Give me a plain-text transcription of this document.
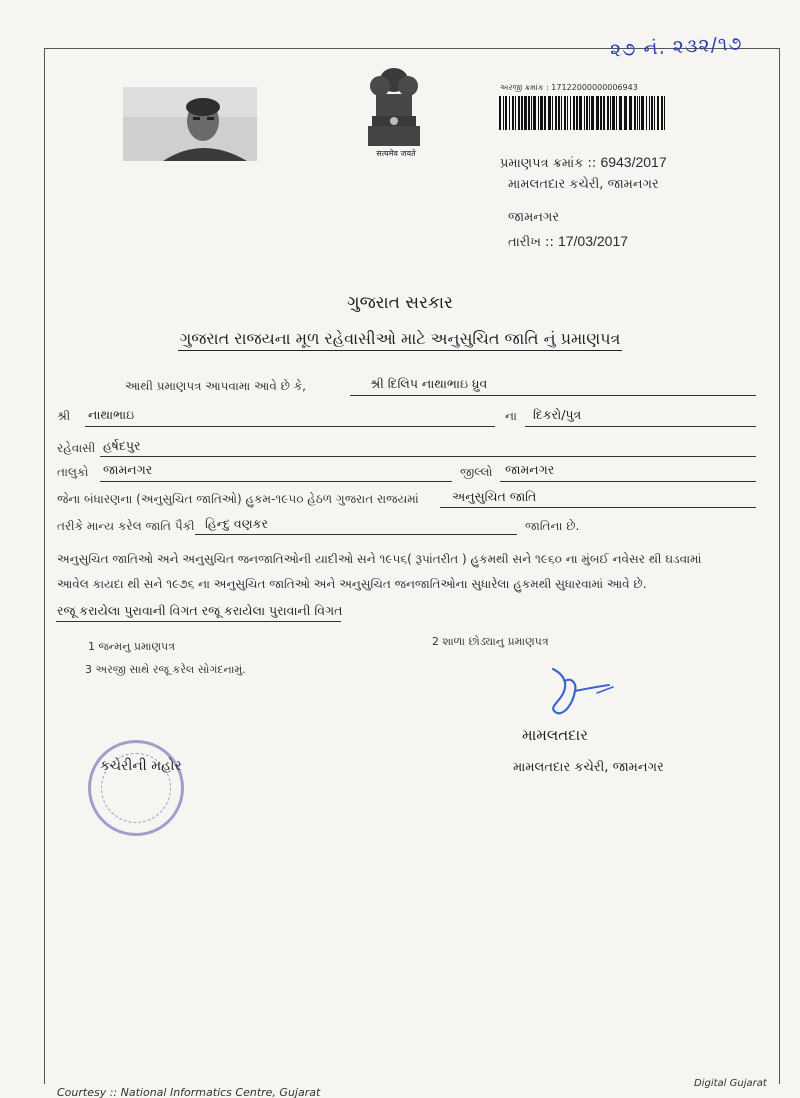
૨૭ નં. ૨૩૨/૧૭
सत्यमेव जयते
અરજી ક્રમાંક : 17122000000006943
પ્રમાણપત્ર ક્રમાંક :: 6943/2017
મામલતદાર કચેરી, જામનગર
જામનગર
તારીખ :: 17/03/2017
ગુજરાત સરકાર
ગુજરાત રાજયના મૂળ રહેવાસીઓ માટે અનુસુચિત જાતિ નું પ્રમાણપત્ર
આથી પ્રમાણપત્ર આપવામા આવે છે કે,	શ્રી દિલિપ નાથાભાઇ ધ્રુવ
શ્રી નાથાભાઇ	ના દિકરો/પુત્ર
રહેવાસી હર્ષદપુર
તાલુકો જામનગર	જીલ્લો જામનગર
જેના બંધારણના (અનુસુચિત જાતિઓ) હુકમ-૧૯૫૦ હેઠળ ગુજરાત રાજયમાં	અનુસુચિત જાતિ
તરીકે માન્ય કરેલ જાતિ પૈકી હિન્દુ વણકર	જાતિના છે.
અનુસુચિત જાતિઓ અને અનુસુચિત જનજાતિઓની યાદીઓ સને ૧૯૫૬( રૂપાંતરીત ) હુકમથી સને ૧૯૬૦ ના મુંબઈ નવેસર થી ઘડવામાં
આવેલ કાયદા થી સને ૧૯૭૬ ના અનુસુચિત જાતિઓ અને અનુસુચિત જનજાતિઓના સુધારેલા હુકમથી સુધારવામાં આવે છે.
રજૂ કરાયેલા પુરાવાની વિગત રજૂ કરાયેલા પુરાવાની વિગત
1 જન્મનુ પ્રમાણપત્ર	2 શાળા છોડ્યાનુ પ્રમાણપત્ર
3 અરજી સાથે રજૂ કરેલ સોગંદનામું.
મામલતદાર
મામલતદાર કચેરી, જામનગર
કચેરીની મહોર
Courtesy :: National Informatics Centre, Gujarat
Digital Gujarat
